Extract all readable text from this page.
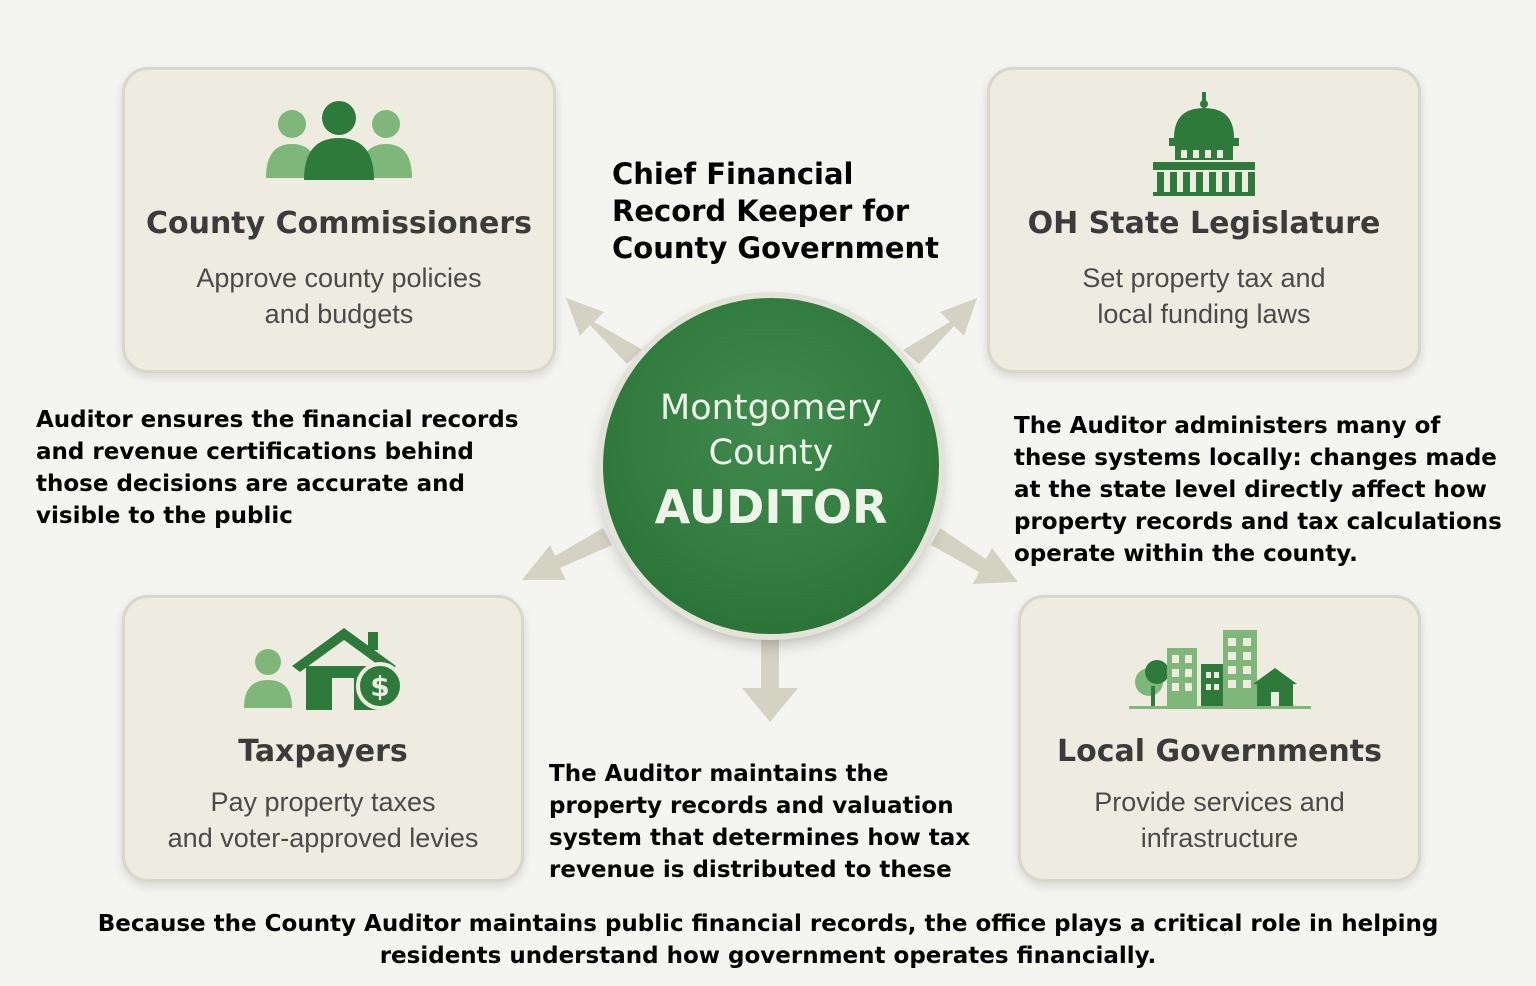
Chief Financial
Record Keeper for
County Government
County Commissioners
Approve county policies
and budgets
OH State Legislature
Set property tax and
local funding laws
$
Taxpayers
Pay property taxes
and voter-approved levies
Local Governments
Provide services and
infrastructure
Montgomery
County
AUDITOR
Auditor ensures the financial records
and revenue certifications behind
those decisions are accurate and
visible to the public
The Auditor administers many of
these systems locally: changes made
at the state level directly affect how
property records and tax calculations
operate within the county.
The Auditor maintains the
property records and valuation
system that determines how tax
revenue is distributed to these
Because the County Auditor maintains public financial records, the office plays a critical role in helping
residents understand how government operates financially.
